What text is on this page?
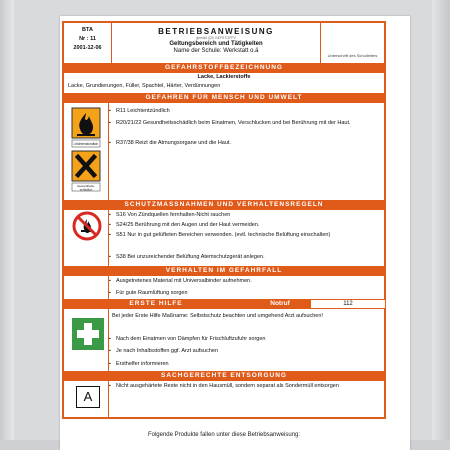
BTA
Nr : 11
2001-12-06
BETRIEBSANWEISUNG
gemäß §20 GEFSTOFFV
Geltungsbereich und Tätigkeiten
Name der Schule: Werkstatt o.ä
Unterschrift des Schulleiters
GEFAHRSTOFFBEZEICHNUNG
Lacke, Lackierstoffe
Lacke, Grundierungen, Füller, Spachtel, Härter, Verdünnungen
GEFAHREN FÜR MENSCH UND UMWELT
Leichtentzündlich
Gesundheits-
schädlich
▪ R11 Leichtentzündlich
▪ R20/21/22 Gesundheitsschädlich beim Einatmen, Verschlucken und bei Berührung mit der Haut.
▪ R37/38 Reizt die Atmungsorgane und die Haut.
SCHUTZMASSNAHMEN UND VERHALTENSREGELN
▪ S16 Von Zündquellen fernhalten-Nicht rauchen
▪ S24/25 Berührung mit den Augen und der Haut vermeiden.
▪ S51 Nur in gut gelüfteten Bereichen verwenden. (evtl. technische Belüftung einschalten)
▪ S38 Bei unzureichender Belüftung Atemschutzgerät anlegen.
VERHALTEN IM GEFAHRFALL
▪ Ausgetretenes Material mit Universalbinder aufnehmen.
▪ Für gute Raumlüftung sorgen
ERSTE HILFE	Notruf	112
Bei jeder Erste Hilfe Maßname: Selbstschutz beachten und umgehend Arzt aufsuchen!
▪ Nach dem Einatmen von Dämpfen für Frischluftzufuhr sorgen
▪ Je nach Inhaltsstoffen ggf. Arzt aufsuchen
▪ Ersthelfer informieren
SACHGERECHTE ENTSORGUNG
A
▪ Nicht ausgehärtete Reste nicht in den Hausmüll, sondern separat als Sondermüll entsorgen
Folgende Produkte fallen unter diese Betriebsanweisung:
